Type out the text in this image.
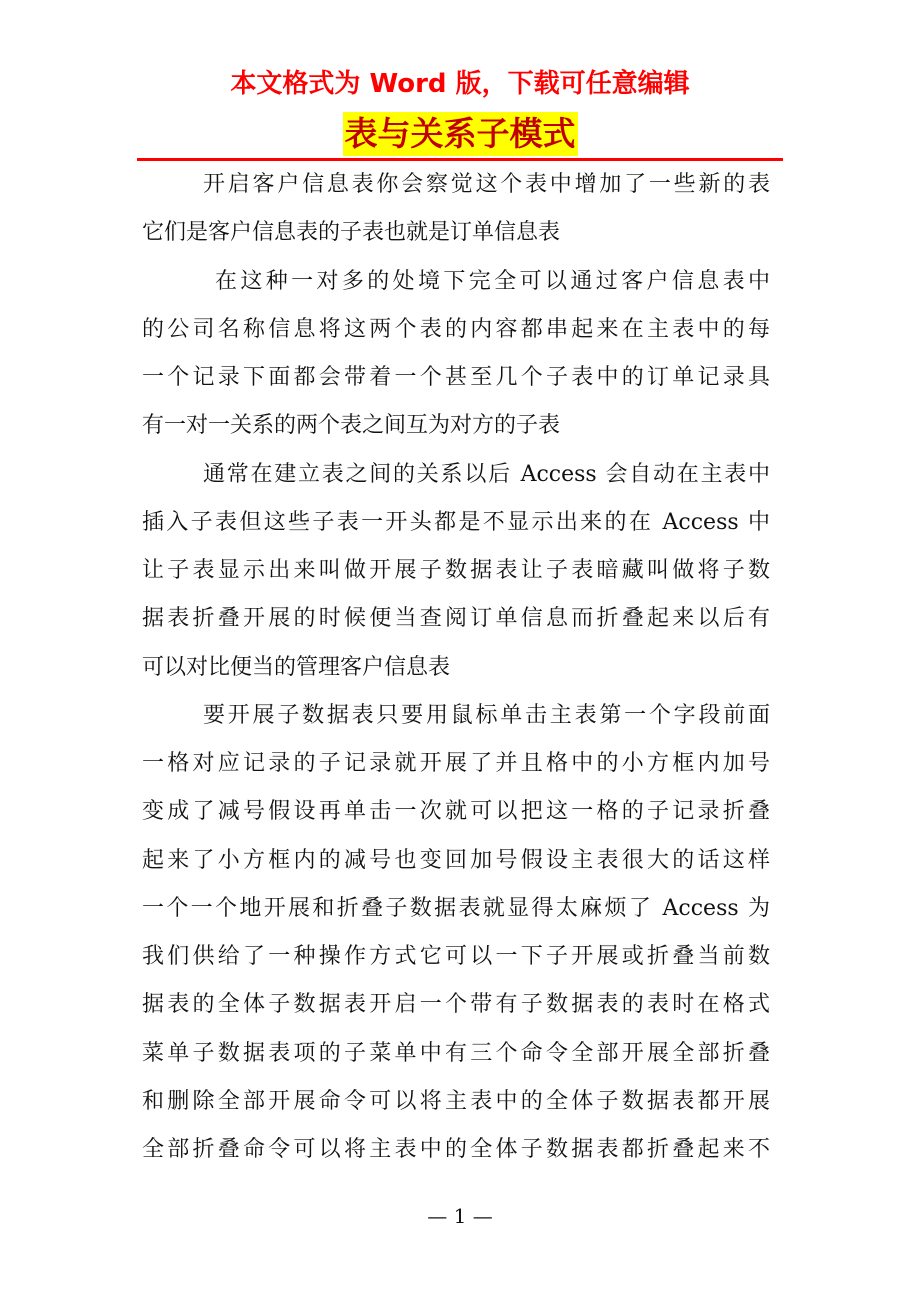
本文格式为 Word 版，下载可任意编辑
表与关系子模式
开启客户信息表你会察觉这个表中增加了一些新的表
它们是客户信息表的子表也就是订单信息表
在这种一对多的处境下完全可以通过客户信息表中
的公司名称信息将这两个表的内容都串起来在主表中的每
一个记录下面都会带着一个甚至几个子表中的订单记录具
有一对一关系的两个表之间互为对方的子表
通常在建立表之间的关系以后 Access 会自动在主表中
插入子表但这些子表一开头都是不显示出来的在 Access 中
让子表显示出来叫做开展子数据表让子表暗藏叫做将子数
据表折叠开展的时候便当查阅订单信息而折叠起来以后有
可以对比便当的管理客户信息表
要开展子数据表只要用鼠标单击主表第一个字段前面
一格对应记录的子记录就开展了并且格中的小方框内加号
变成了减号假设再单击一次就可以把这一格的子记录折叠
起来了小方框内的减号也变回加号假设主表很大的话这样
一个一个地开展和折叠子数据表就显得太麻烦了 Access 为
我们供给了一种操作方式它可以一下子开展或折叠当前数
据表的全体子数据表开启一个带有子数据表的表时在格式
菜单子数据表项的子菜单中有三个命令全部开展全部折叠
和删除全部开展命令可以将主表中的全体子数据表都开展
全部折叠命令可以将主表中的全体子数据表都折叠起来不
— 1 —
